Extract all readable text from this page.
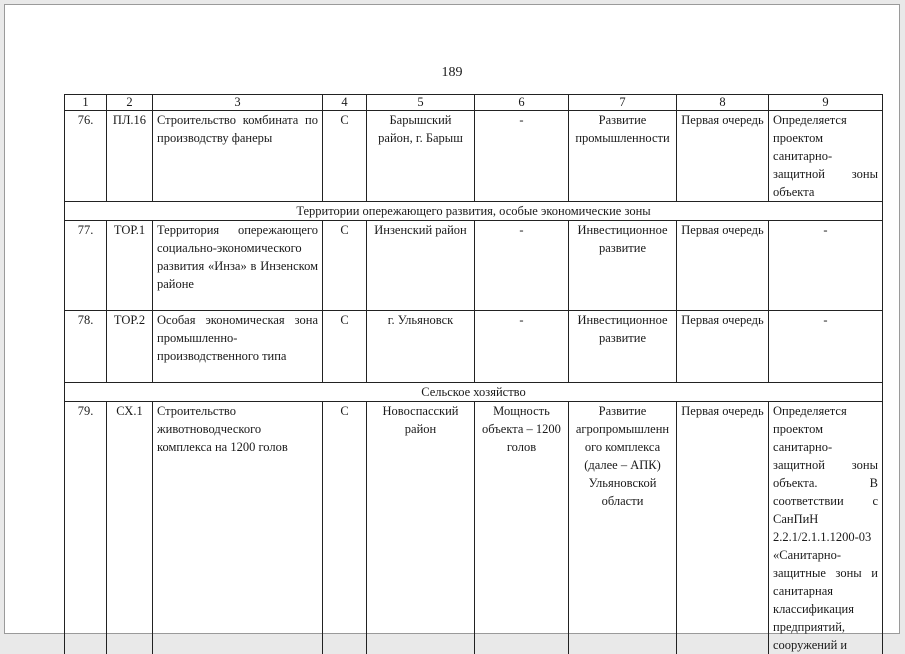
189
1	2	3	4	5	6	7	8	9
76.	ПЛ.16	Строительство комбината по производству фанеры	С	Барышский район, г. Барыш	-	Развитие промышленности	Первая очередь	Определяется проектом санитарно-защитной зоны объекта
Территории опережающего развития, особые экономические зоны								
77.	ТОР.1	Территория опережающего социально-экономического развития «Инза» в Инзенском районе	С	Инзенский район	-	Инвестиционное развитие	Первая очередь	-
78.	ТОР.2	Особая экономическая зона промышленно-производственного типа	С	г. Ульяновск	-	Инвестиционное развитие	Первая очередь	-
Сельское хозяйство								
79.	СХ.1	Строительство животноводческого комплекса на 1200 голов	С	Новоспасский район	Мощность объекта – 1200 голов	Развитие агропромышленного комплекса (далее – АПК) Ульяновской области	Первая очередь	Определяется проектом санитарно-защитной зоны объекта. В соответствии с СанПиН 2.2.1/2.1.1.1200-03 «Санитарно-защитные зоны и санитарная классификация предприятий, сооружений и
